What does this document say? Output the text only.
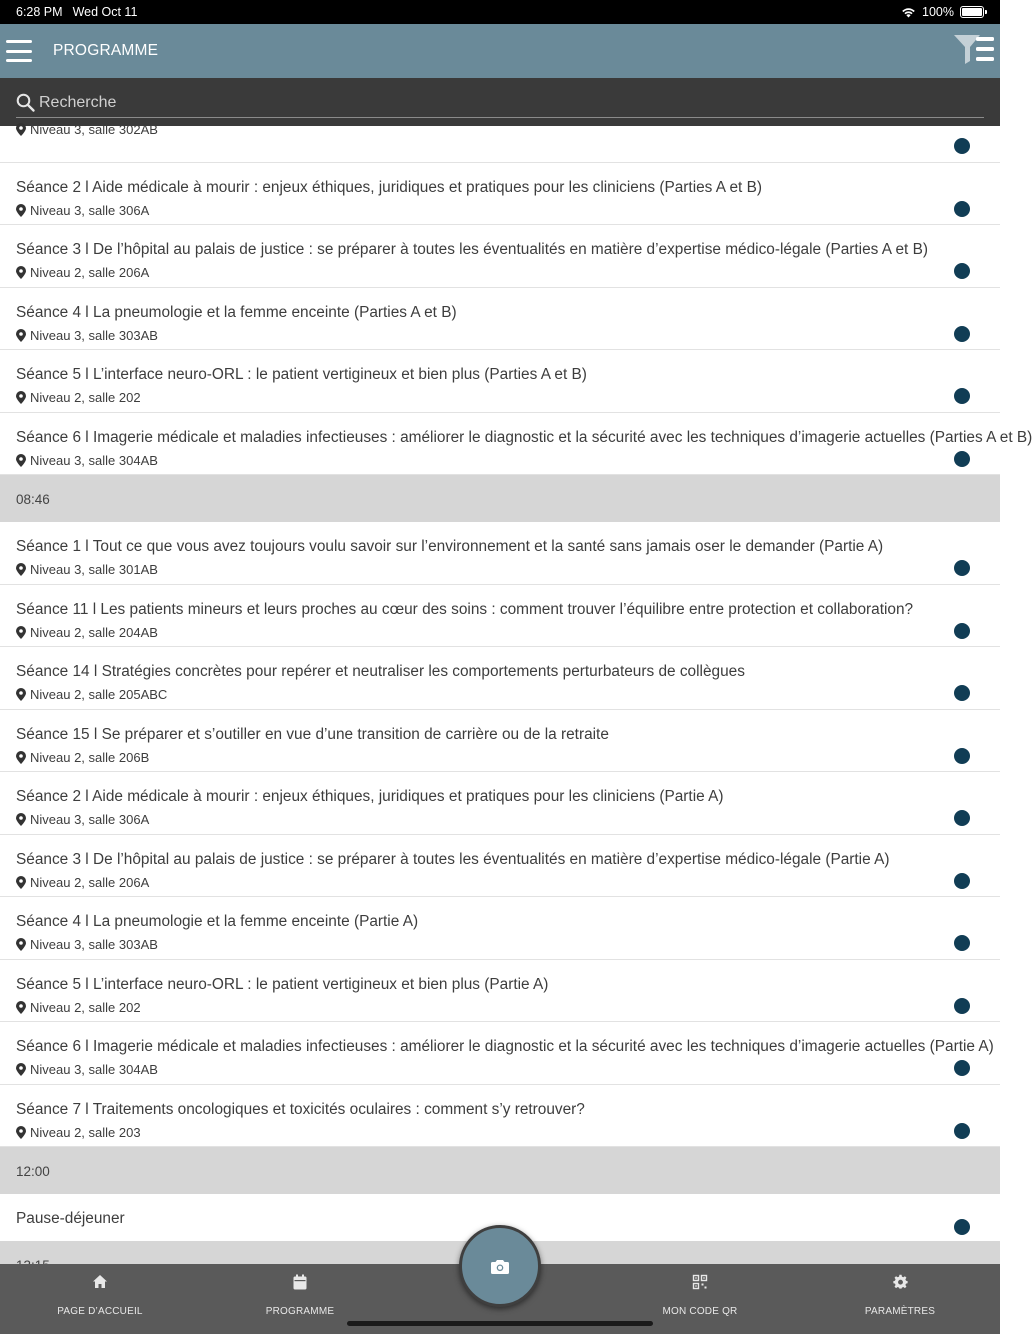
6:28 PM Wed Oct 11	100%
PROGRAMME
Recherche
Niveau 3, salle 302AB
Séance 2 l Aide médicale à mourir : enjeux éthiques, juridiques et pratiques pour les cliniciens (Parties A et B)
Niveau 3, salle 306A
Séance 3 l De l’hôpital au palais de justice : se préparer à toutes les éventualités en matière d’expertise médico-légale (Parties A et B)
Niveau 2, salle 206A
Séance 4 l La pneumologie et la femme enceinte (Parties A et B)
Niveau 3, salle 303AB
Séance 5 l L’interface neuro-ORL : le patient vertigineux et bien plus (Parties A et B)
Niveau 2, salle 202
Séance 6 l Imagerie médicale et maladies infectieuses : améliorer le diagnostic et la sécurité avec les techniques d’imagerie actuelles (Parties A et B)
Niveau 3, salle 304AB
08:46
Séance 1 l Tout ce que vous avez toujours voulu savoir sur l’environnement et la santé sans jamais oser le demander (Partie A)
Niveau 3, salle 301AB
Séance 11 l Les patients mineurs et leurs proches au cœur des soins : comment trouver l’équilibre entre protection et collaboration?
Niveau 2, salle 204AB
Séance 14 l Stratégies concrètes pour repérer et neutraliser les comportements perturbateurs de collègues
Niveau 2, salle 205ABC
Séance 15 l Se préparer et s’outiller en vue d’une transition de carrière ou de la retraite
Niveau 2, salle 206B
Séance 2 l Aide médicale à mourir : enjeux éthiques, juridiques et pratiques pour les cliniciens (Partie A)
Niveau 3, salle 306A
Séance 3 l De l’hôpital au palais de justice : se préparer à toutes les éventualités en matière d’expertise médico-légale (Partie A)
Niveau 2, salle 206A
Séance 4 l La pneumologie et la femme enceinte (Partie A)
Niveau 3, salle 303AB
Séance 5 l L’interface neuro-ORL : le patient vertigineux et bien plus (Partie A)
Niveau 2, salle 202
Séance 6 l Imagerie médicale et maladies infectieuses : améliorer le diagnostic et la sécurité avec les techniques d’imagerie actuelles (Partie A)
Niveau 3, salle 304AB
Séance 7 l Traitements oncologiques et toxicités oculaires : comment s’y retrouver?
Niveau 2, salle 203
12:00
Pause-déjeuner
PAGE D’ACCUEIL	PROGRAMME	MON CODE QR	PARAMÈTRES
